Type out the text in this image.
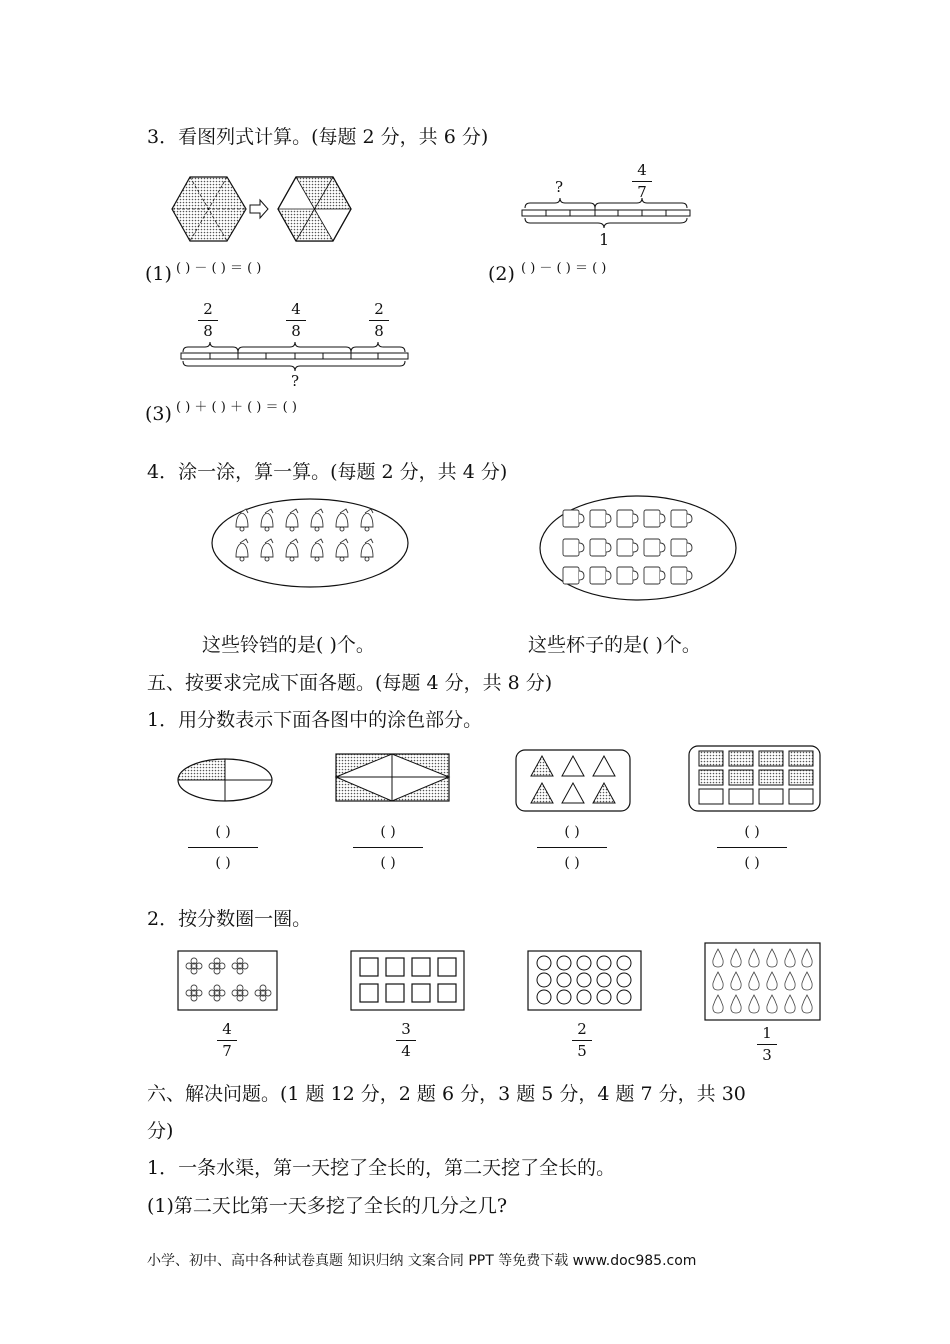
3．看图列式计算。(每题 2 分，共 6 分)
?
4
7
1
(1) ( ) － ( ) ＝ ( )	(2) ( ) － ( ) ＝ ( )
2
8
4
8
2
8
?
(3) ( ) ＋ ( ) ＋ ( ) ＝ ( )
4．涂一涂，算一算。(每题 2 分，共 4 分)
这些铃铛的是( )个。	这些杯子的是( )个。
五、按要求完成下面各题。(每题 4 分，共 8 分)
1．用分数表示下面各图中的涂色部分。
( )
( )
( )
( )
( )
( )
( )
( )
2．按分数圈一圈。
4
7
3
4
2
5
1
3
六、解决问题。(1 题 12 分，2 题 6 分，3 题 5 分，4 题 7 分，共 30
分)
1．一条水渠，第一天挖了全长的，第二天挖了全长的。
(1)第二天比第一天多挖了全长的几分之几?
小学、初中、高中各种试卷真题 知识归纳 文案合同 PPT 等免费下载 www.doc985.com
